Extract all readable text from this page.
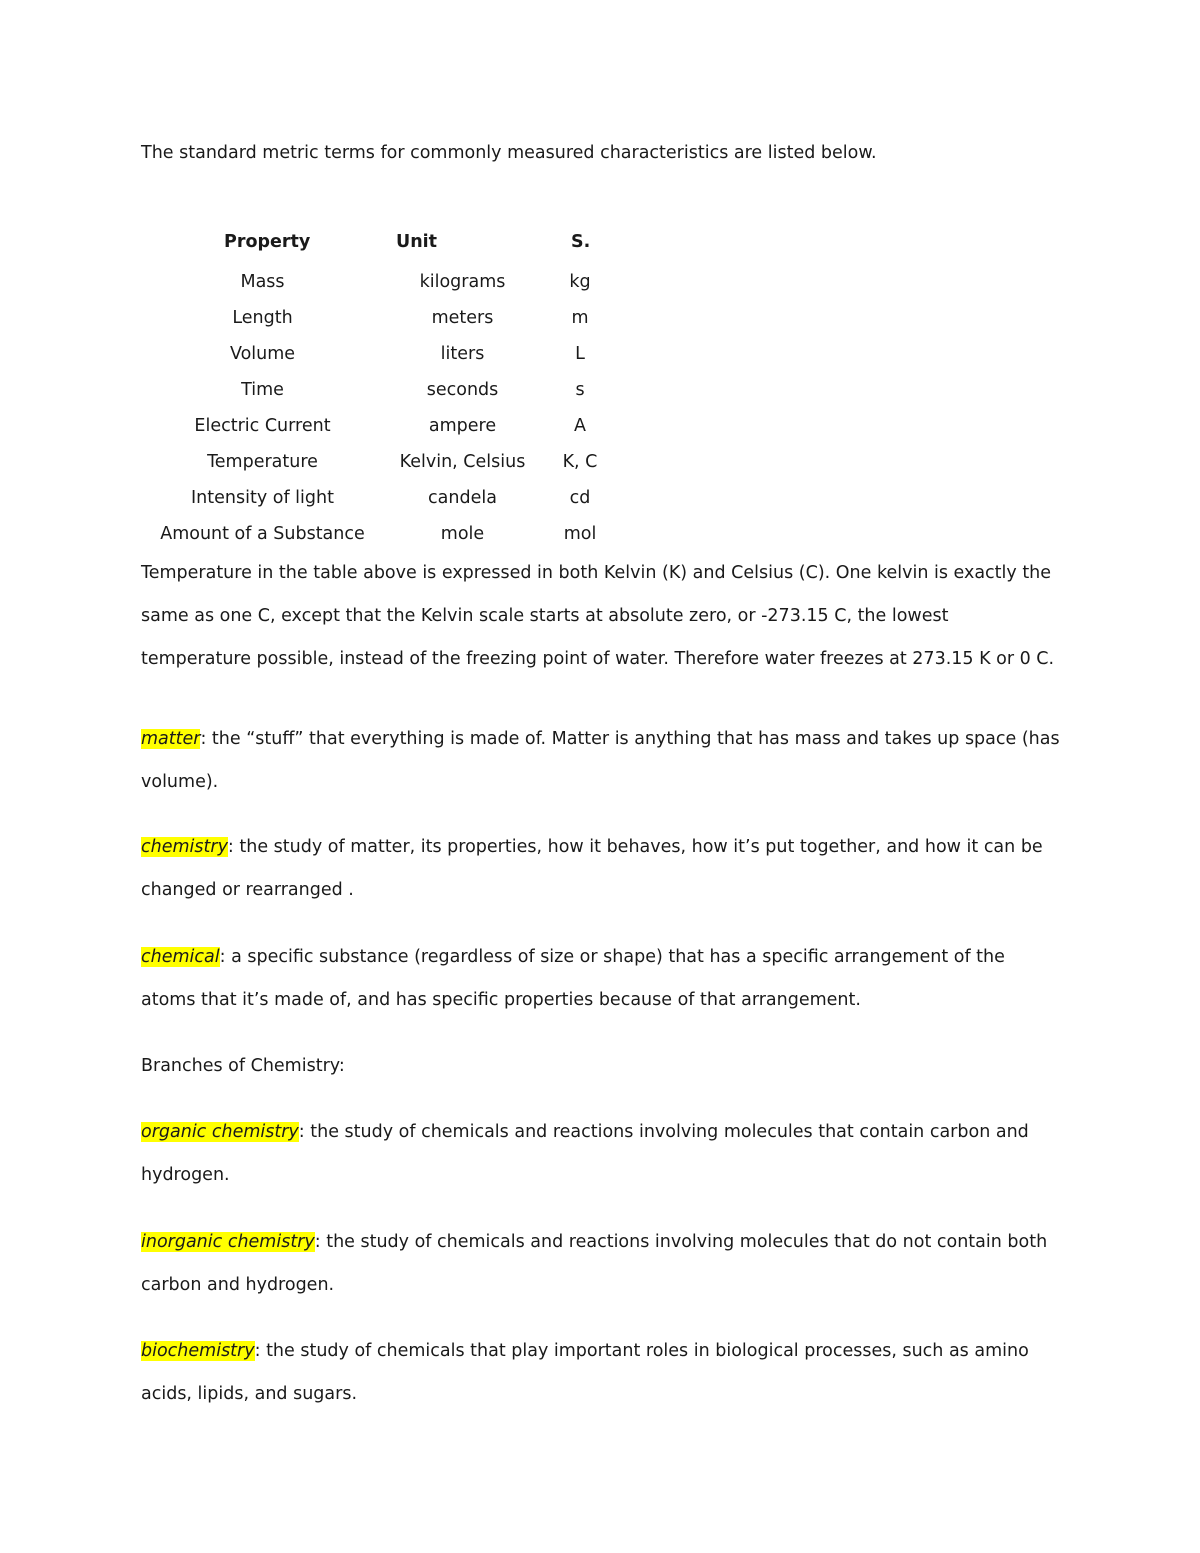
The standard metric terms for commonly measured characteristics are listed below.

Property	Unit	S.
Mass	kilograms	kg
Length	meters	m
Volume	liters	L
Time	seconds	s
Electric Current	ampere	A
Temperature	Kelvin, Celsius	K, C
Intensity of light	candela	cd
Amount of a Substance	mole	mol

Temperature in the table above is expressed in both Kelvin (K) and Celsius (C). One kelvin is exactly the same as one C, except that the Kelvin scale starts at absolute zero, or -273.15 C, the lowest temperature possible, instead of the freezing point of water. Therefore water freezes at 273.15 K or 0 C.

matter: the “stuff” that everything is made of. Matter is anything that has mass and takes up space (has volume).

chemistry: the study of matter, its properties, how it behaves, how it’s put together, and how it can be changed or rearranged .

chemical: a specific substance (regardless of size or shape) that has a specific arrangement of the atoms that it’s made of, and has specific properties because of that arrangement.

Branches of Chemistry:

organic chemistry: the study of chemicals and reactions involving molecules that contain carbon and hydrogen.

inorganic chemistry: the study of chemicals and reactions involving molecules that do not contain both carbon and hydrogen.

biochemistry: the study of chemicals that play important roles in biological processes, such as amino acids, lipids, and sugars.
